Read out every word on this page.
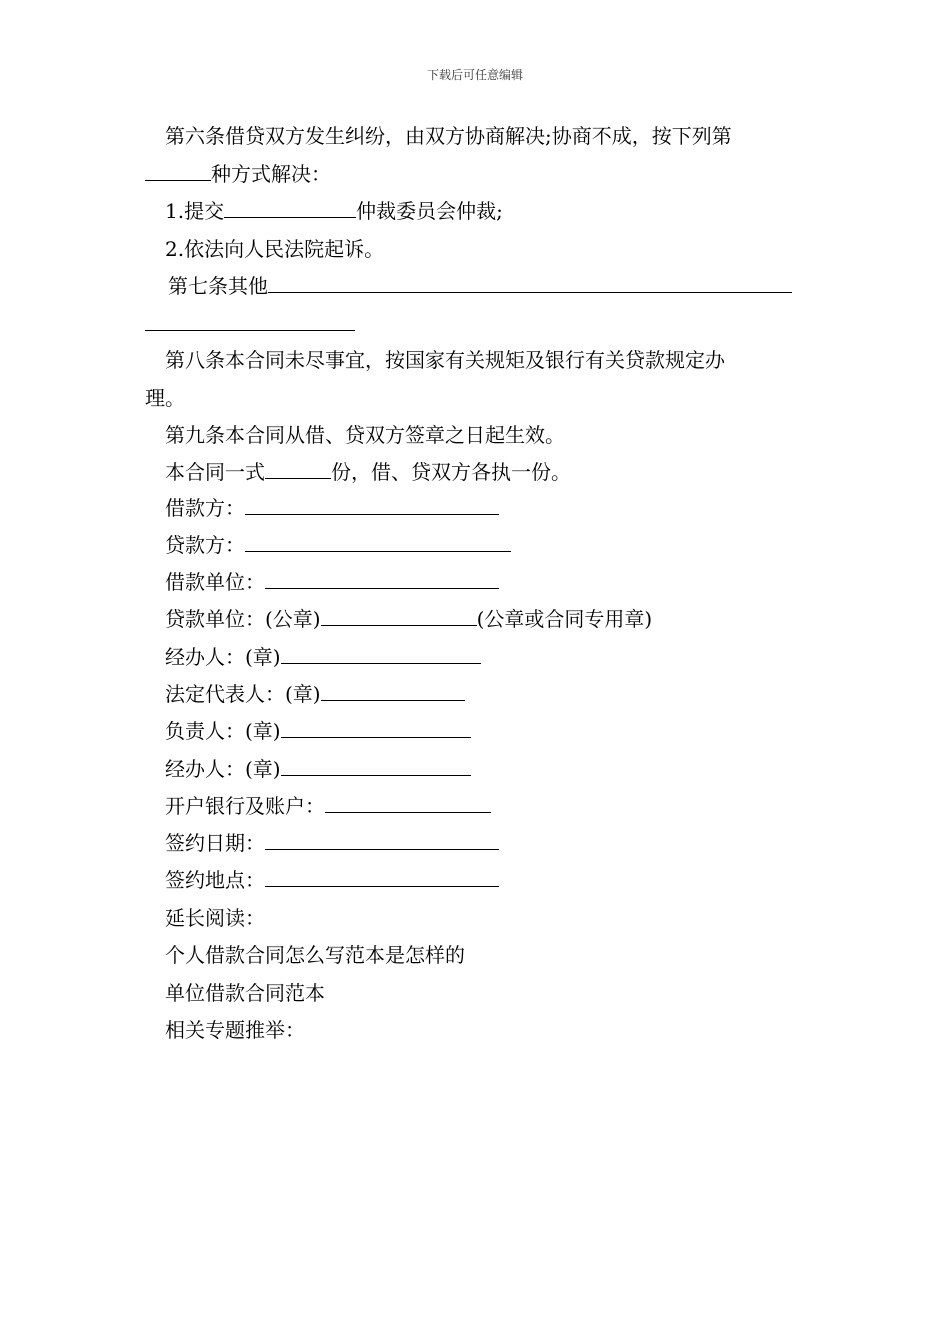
下载后可任意编辑
第六条借贷双方发生纠纷，由双方协商解决;协商不成，按下列第
种方式解决：
1.提交	仲裁委员会仲裁;
2.依法向人民法院起诉。
第七条其他
第八条本合同未尽事宜，按国家有关规矩及银行有关贷款规定办
理。
第九条本合同从借、贷双方签章之日起生效。
本合同一式	份，借、贷双方各执一份。
借款方：
贷款方：
借款单位：
贷款单位：(公章)	(公章或合同专用章)
经办人：(章)
法定代表人：(章)
负责人：(章)
经办人：(章)
开户银行及账户：
签约日期：
签约地点：
延长阅读：
个人借款合同怎么写范本是怎样的
单位借款合同范本
相关专题推举：
